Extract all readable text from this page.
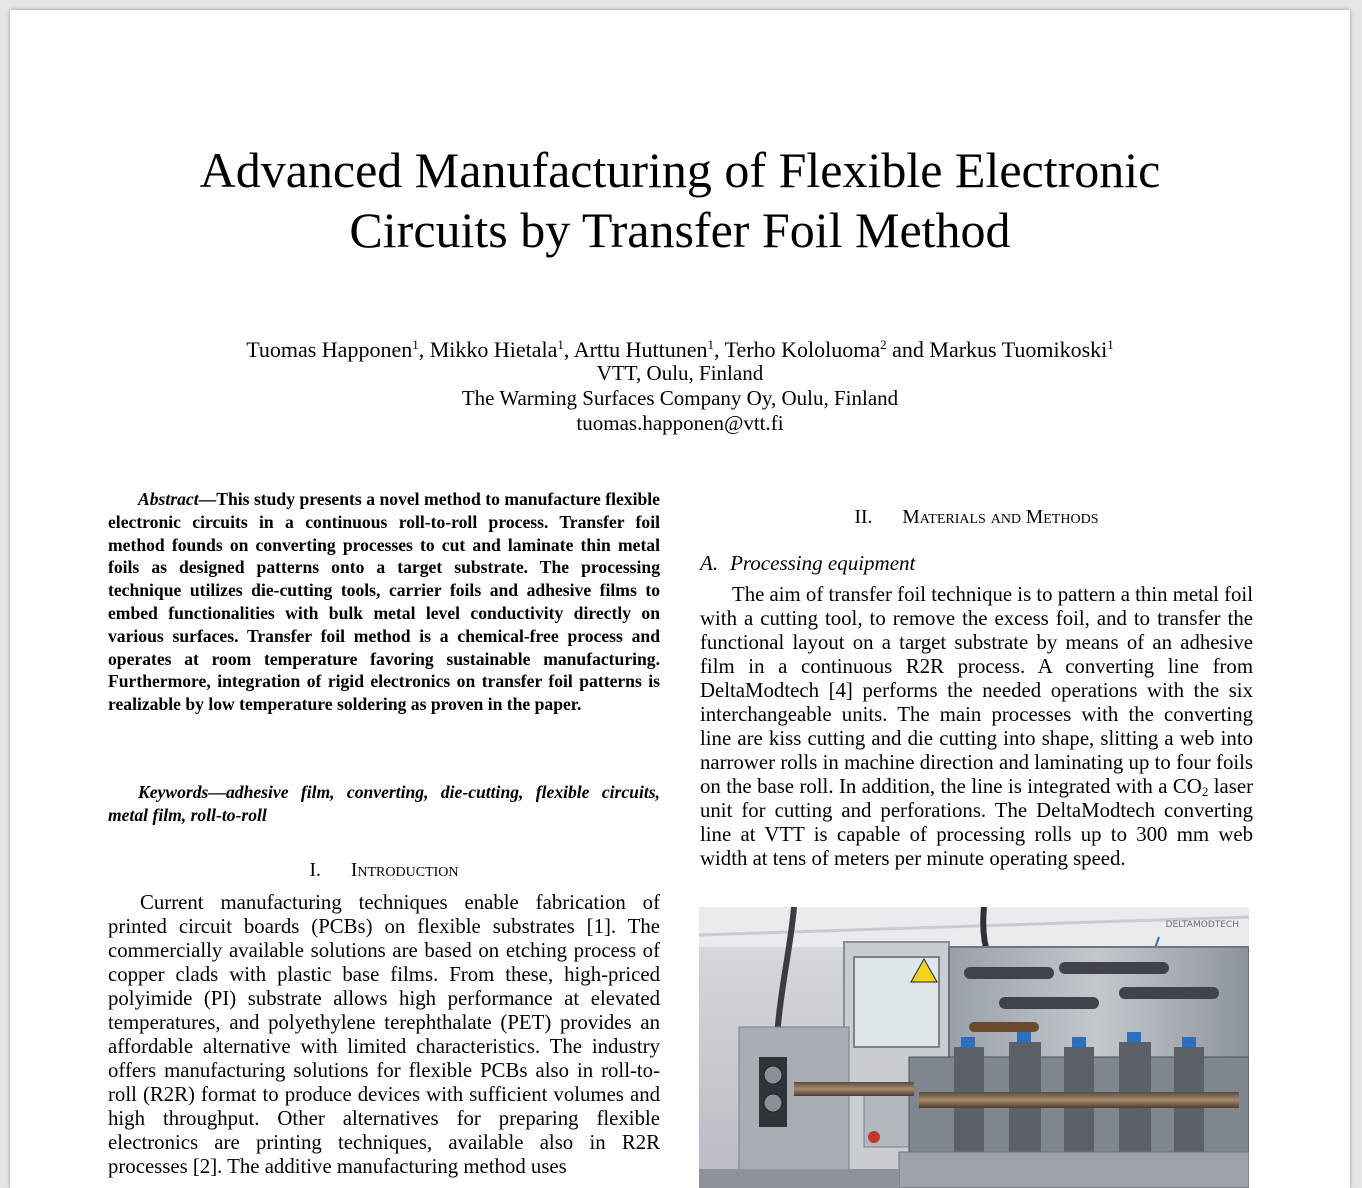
Advanced Manufacturing of Flexible Electronic
Circuits by Transfer Foil Method
Tuomas Happonen$^1$, Mikko Hietala$^1$, Arttu Huttunen$^1$, Terho Kololuoma$^2$ and Markus Tuomikoski$^1$
VTT, Oulu, Finland
The Warming Surfaces Company Oy, Oulu, Finland
tuomas.happonen@vtt.fi
Abstract—This study presents a novel method to manufacture flexible electronic circuits in a continuous roll-to-roll process. Transfer foil method founds on converting processes to cut and laminate thin metal foils as designed patterns onto a target substrate. The processing technique utilizes die-cutting tools, carrier foils and adhesive films to embed functionalities with bulk metal level conductivity directly on various surfaces. Transfer foil method is a chemical-free process and operates at room temperature favoring sustainable manufacturing. Furthermore, integration of rigid electronics on transfer foil patterns is realizable by low temperature soldering as proven in the paper.
Keywords—adhesive film, converting, die-cutting, flexible circuits, metal film, roll-to-roll
I. Introduction
Current manufacturing techniques enable fabrication of printed circuit boards (PCBs) on flexible substrates [1]. The commercially available solutions are based on etching process of copper clads with plastic base films. From these, high-priced polyimide (PI) substrate allows high performance at elevated temperatures, and polyethylene terephthalate (PET) provides an affordable alternative with limited characteristics. The industry offers manufacturing solutions for flexible PCBs also in roll-to-roll (R2R) format to produce devices with sufficient volumes and high throughput. Other alternatives for preparing flexible electronics are printing techniques, available also in R2R processes [2]. The additive manufacturing method uses
II. Materials and Methods
A. Processing equipment
The aim of transfer foil technique is to pattern a thin metal foil with a cutting tool, to remove the excess foil, and to transfer the functional layout on a target substrate by means of an adhesive film in a continuous R2R process. A converting line from DeltaModtech [4] performs the needed operations with the six interchangeable units. The main processes with the converting line are kiss cutting and die cutting into shape, slitting a web into narrower rolls in machine direction and laminating up to four foils on the base roll. In addition, the line is integrated with a $CO_2$ laser unit for cutting and perforations. The DeltaModtech converting line at VTT is capable of processing rolls up to 300 mm web width at tens of meters per minute operating speed.
DELTAMODTECH
